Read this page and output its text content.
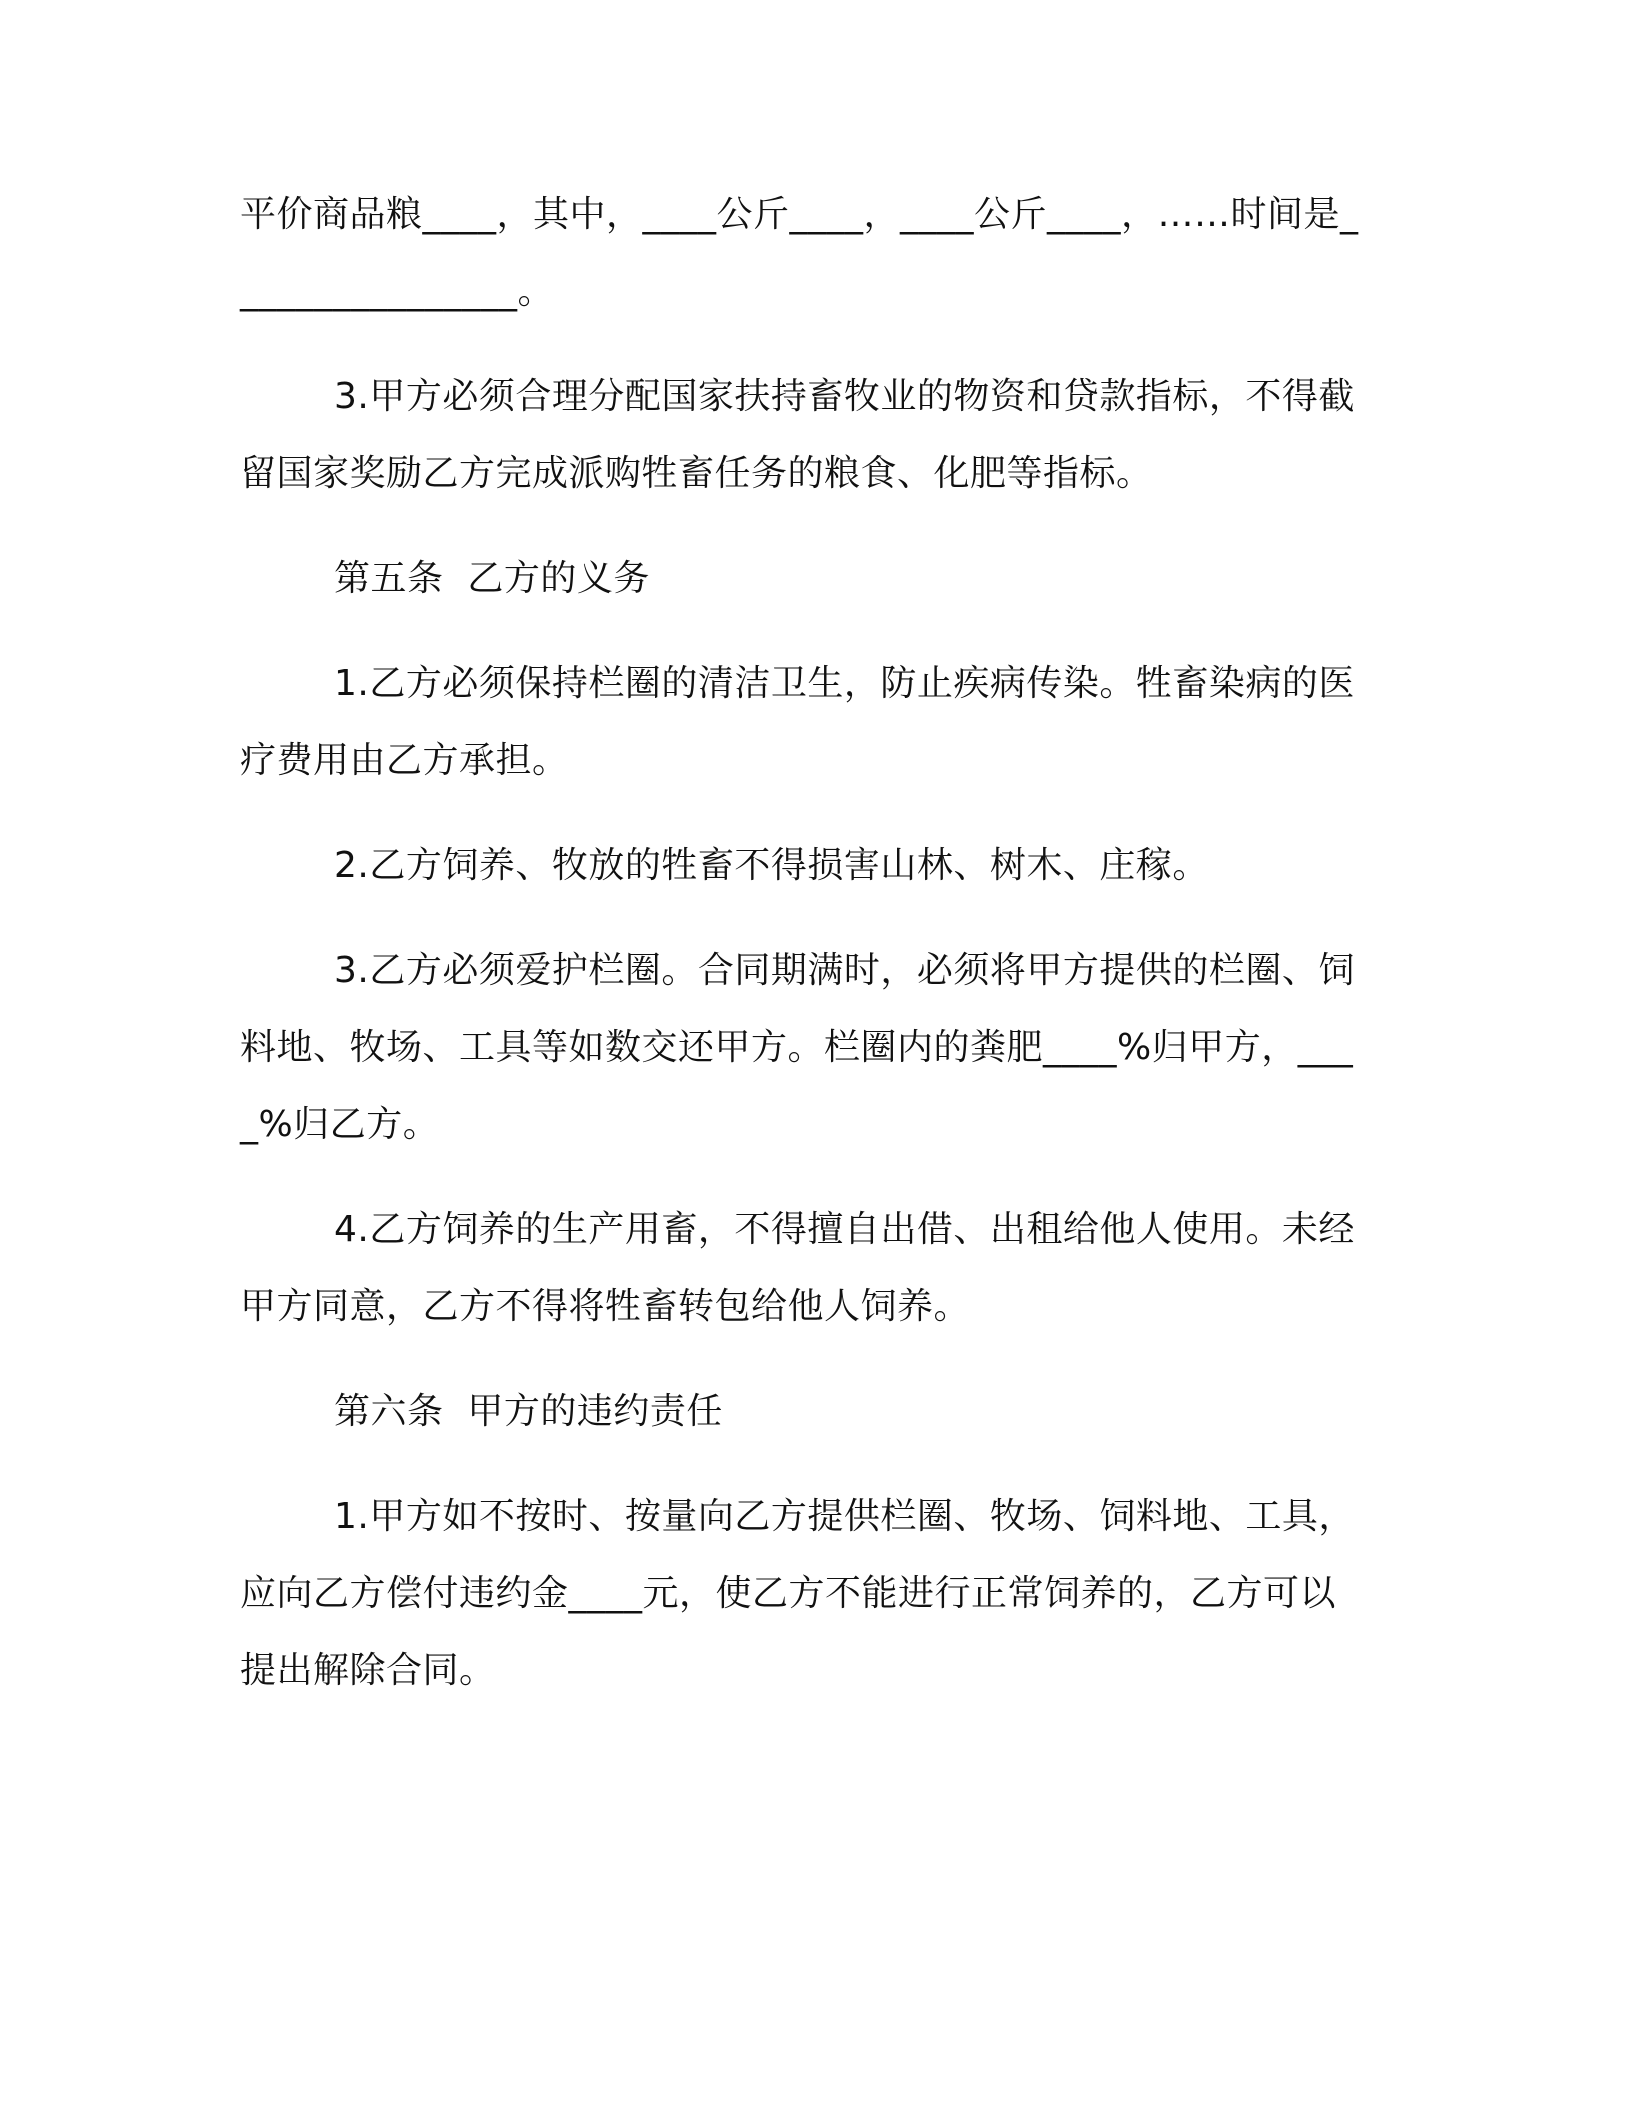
平价商品粮____，其中，____公斤____，____公斤____，……时间是________________。

3.甲方必须合理分配国家扶持畜牧业的物资和贷款指标，不得截留国家奖励乙方完成派购牲畜任务的粮食、化肥等指标。

第五条  乙方的义务

1.乙方必须保持栏圈的清洁卫生，防止疾病传染。牲畜染病的医疗费用由乙方承担。

2.乙方饲养、牧放的牲畜不得损害山林、树木、庄稼。

3.乙方必须爱护栏圈。合同期满时，必须将甲方提供的栏圈、饲料地、牧场、工具等如数交还甲方。栏圈内的粪肥____%归甲方，____%归乙方。

4.乙方饲养的生产用畜，不得擅自出借、出租给他人使用。未经甲方同意，乙方不得将牲畜转包给他人饲养。

第六条  甲方的违约责任

1.甲方如不按时、按量向乙方提供栏圈、牧场、饲料地、工具，应向乙方偿付违约金____元，使乙方不能进行正常饲养的，乙方可以提出解除合同。
